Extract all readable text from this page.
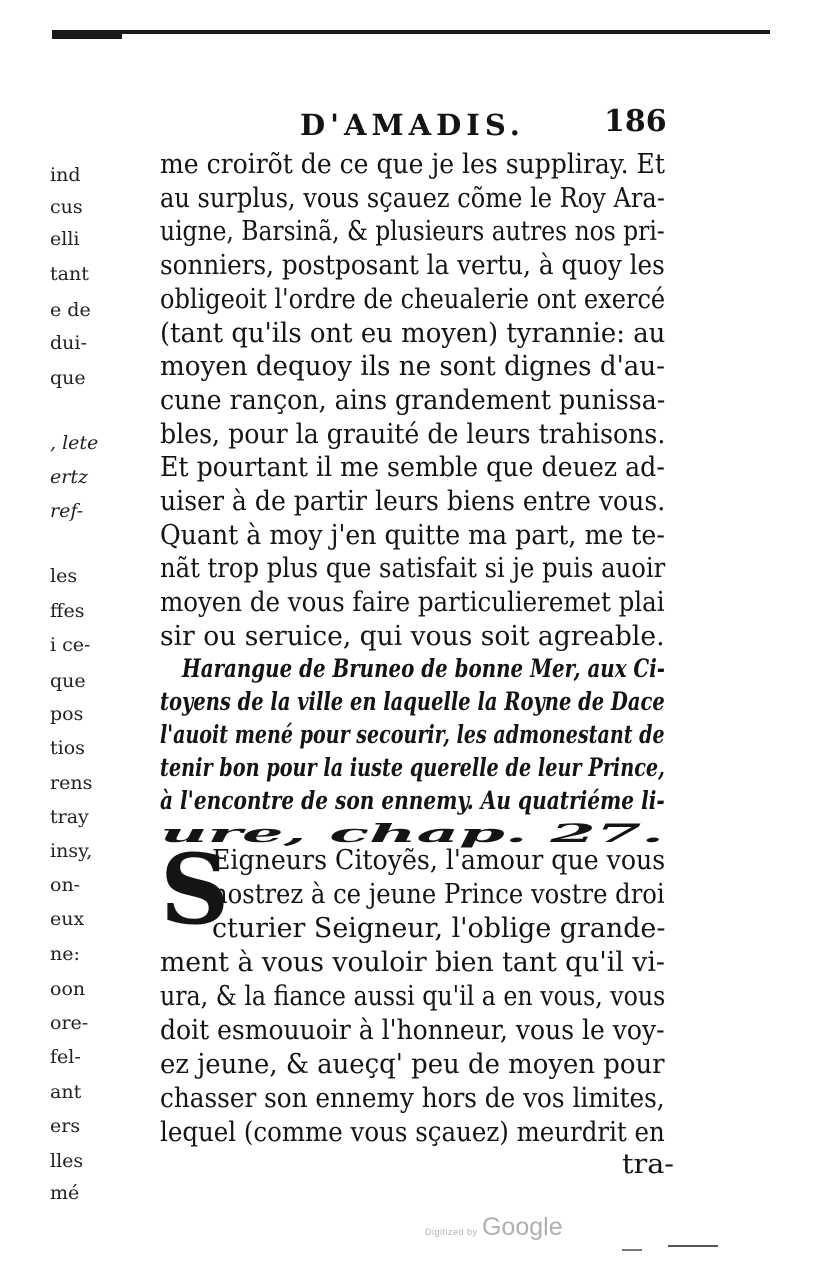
D'AMADIS.	186
ind
cus
elli
tant
e de
dui-
que
, lete
ertz
ref-
les
ffes
i ce-
que
pos
tios
rens
tray
insy,
on-
eux
ne:
oon
ore-
fel-
ant
ers
lles
mé
me croirõt de ce que je les suppliray. Et
au surplus, vous sçauez cõme le Roy Ara-
uigne, Barsinã, & plusieurs autres nos pri-
sonniers, postposant la vertu, à quoy les
obligeoit l'ordre de cheualerie ont exercé
(tant qu'ils ont eu moyen) tyrannie: au
moyen dequoy ils ne sont dignes d'au-
cune rançon, ains grandement punissa-
bles, pour la grauité de leurs trahisons.
Et pourtant il me semble que deuez ad-
uiser à de partir leurs biens entre vous.
Quant à moy j'en quitte ma part, me te-
nãt trop plus que satisfait si je puis auoir
moyen de vous faire particulieremet plai
sir ou seruice, qui vous soit agreable.
Harangue de Bruneo de bonne Mer, aux Ci-
toyens de la ville en laquelle la Royne de Dace
l'auoit mené pour secourir, les admonestant de
tenir bon pour la iuste querelle de leur Prince,
à l'encontre de son ennemy. Au quatriéme li-
ure, chap. 27.
Eigneurs Citoyẽs, l'amour que vous
nostrez à ce jeune Prince vostre droi
cturier Seigneur, l'oblige grande-
ment à vous vouloir bien tant qu'il vi-
ura, & la fiance aussi qu'il a en vous, vous
doit esmouuoir à l'honneur, vous le voy-
ez jeune, & aueçq' peu de moyen pour
chasser son ennemy hors de vos limites,
lequel (comme vous sçauez) meurdrit en
tra-
S
Digitized by Google
